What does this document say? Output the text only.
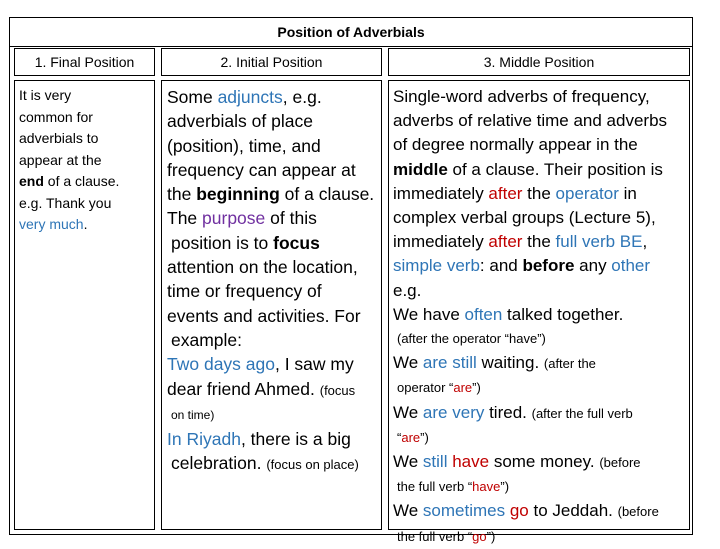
Position of Adverbials
1. Final Position	2. Initial Position	3. Middle Position
It is very
common for
adverbials to
appear at the
end of a clause.
e.g. Thank you
very much.
Some adjuncts, e.g.
adverbials of place
(position), time, and
frequency can appear at
the beginning of a clause.
The purpose of this
position is to focus
attention on the location,
time or frequency of
events and activities. For
example:
Two days ago, I saw my
dear friend Ahmed. (focus
on time)
In Riyadh, there is a big
celebration. (focus on place)
Single-word adverbs of frequency,
adverbs of relative time and adverbs
of degree normally appear in the
middle of a clause. Their position is
immediately after the operator in
complex verbal groups (Lecture 5),
immediately after the full verb BE,
simple verb: and before any other
e.g.
We have often talked together.
(after the operator “have”)
We are still waiting. (after the
operator “are”)
We are very tired. (after the full verb
“are”)
We still have some money. (before
the full verb “have”)
We sometimes go to Jeddah. (before
the full verb “go”)
